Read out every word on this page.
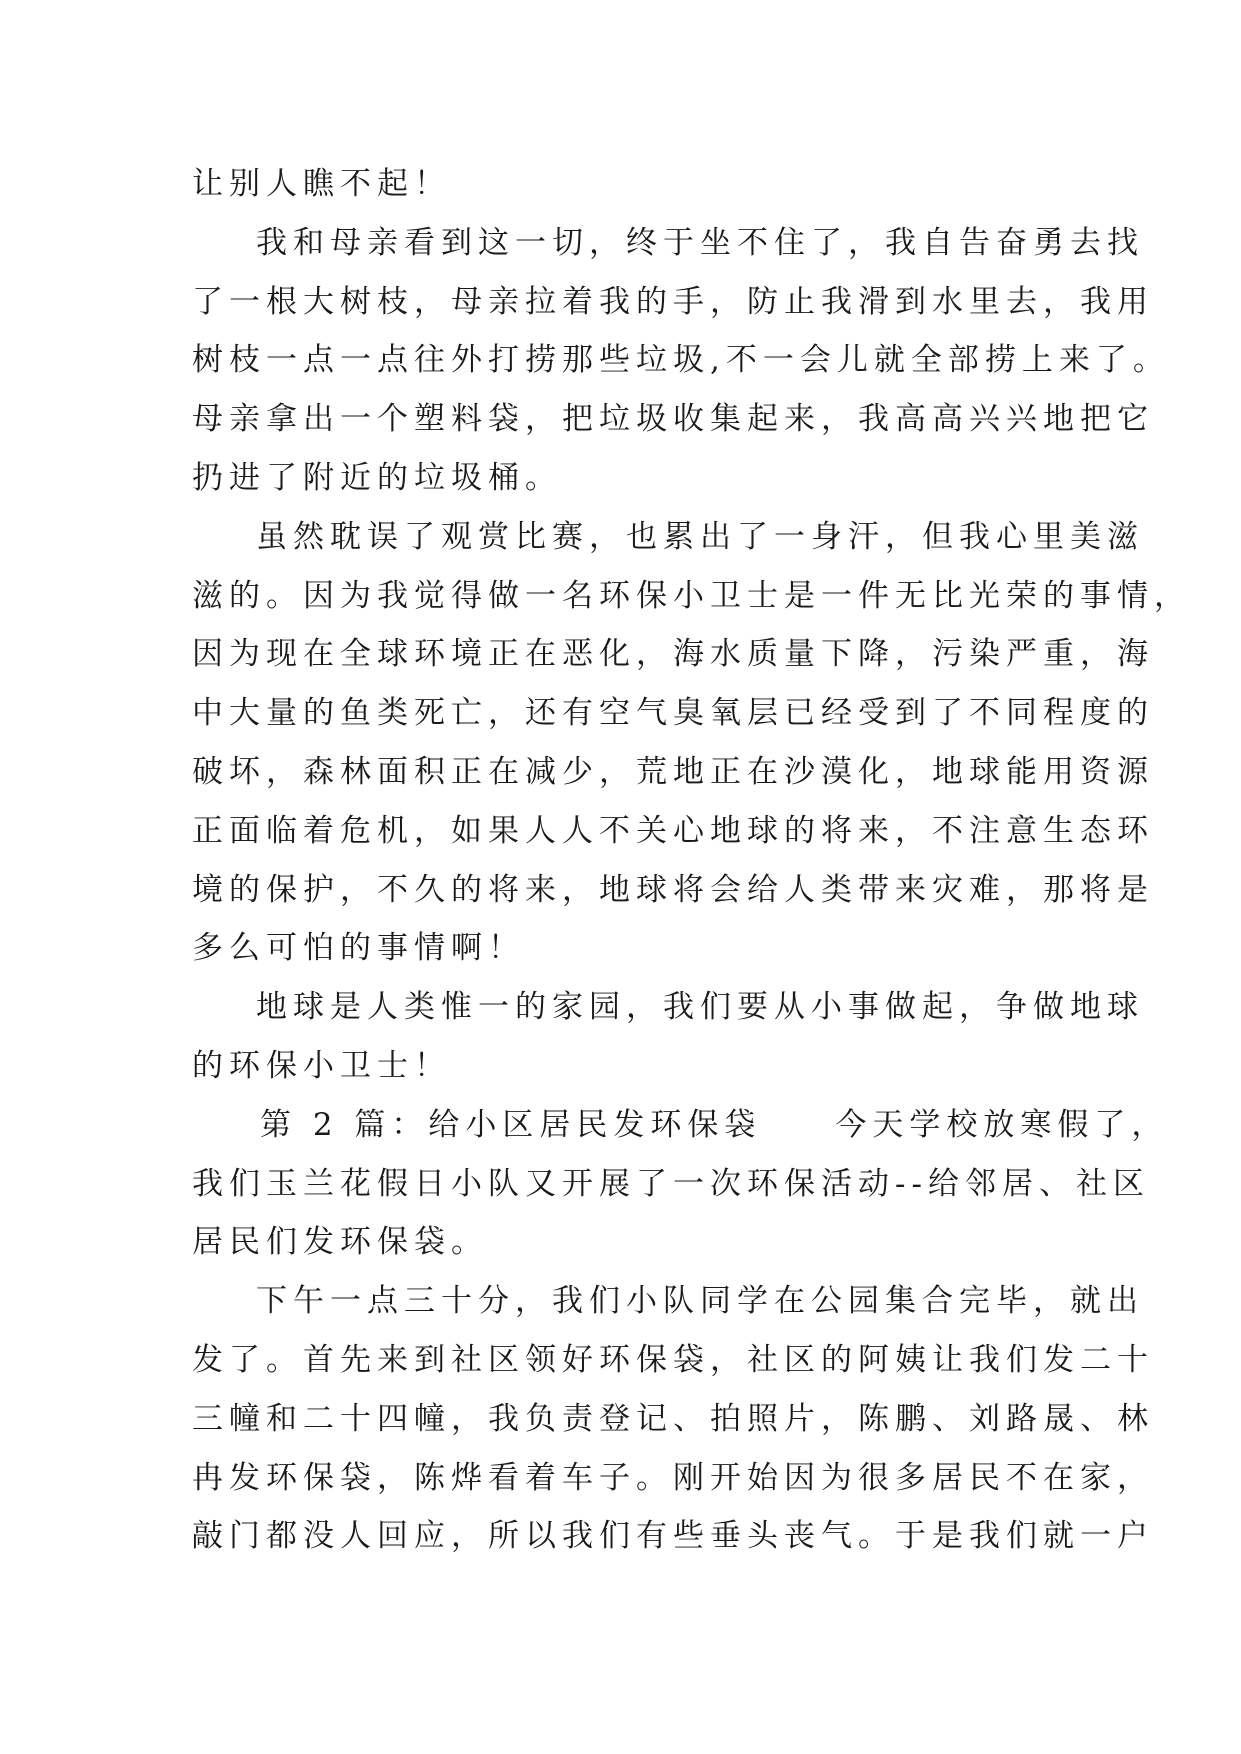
让别人瞧不起！
我和母亲看到这一切，终于坐不住了，我自告奋勇去找
了一根大树枝，母亲拉着我的手，防止我滑到水里去，我用
树枝一点一点往外打捞那些垃圾,不一会儿就全部捞上来了。
母亲拿出一个塑料袋，把垃圾收集起来，我高高兴兴地把它
扔进了附近的垃圾桶。
虽然耽误了观赏比赛，也累出了一身汗，但我心里美滋
滋的。因为我觉得做一名环保小卫士是一件无比光荣的事情，
因为现在全球环境正在恶化，海水质量下降，污染严重，海
中大量的鱼类死亡，还有空气臭氧层已经受到了不同程度的
破坏，森林面积正在减少，荒地正在沙漠化，地球能用资源
正面临着危机，如果人人不关心地球的将来，不注意生态环
境的保护，不久的将来，地球将会给人类带来灾难，那将是
多么可怕的事情啊！
地球是人类惟一的家园，我们要从小事做起，争做地球
的环保小卫士！
第 2 篇：给小区居民发环保袋　　今天学校放寒假了，
我们玉兰花假日小队又开展了一次环保活动--给邻居、社区
居民们发环保袋。
下午一点三十分，我们小队同学在公园集合完毕，就出
发了。首先来到社区领好环保袋，社区的阿姨让我们发二十
三幢和二十四幢，我负责登记、拍照片，陈鹏、刘路晟、林
冉发环保袋，陈烨看着车子。刚开始因为很多居民不在家，
敲门都没人回应，所以我们有些垂头丧气。于是我们就一户
